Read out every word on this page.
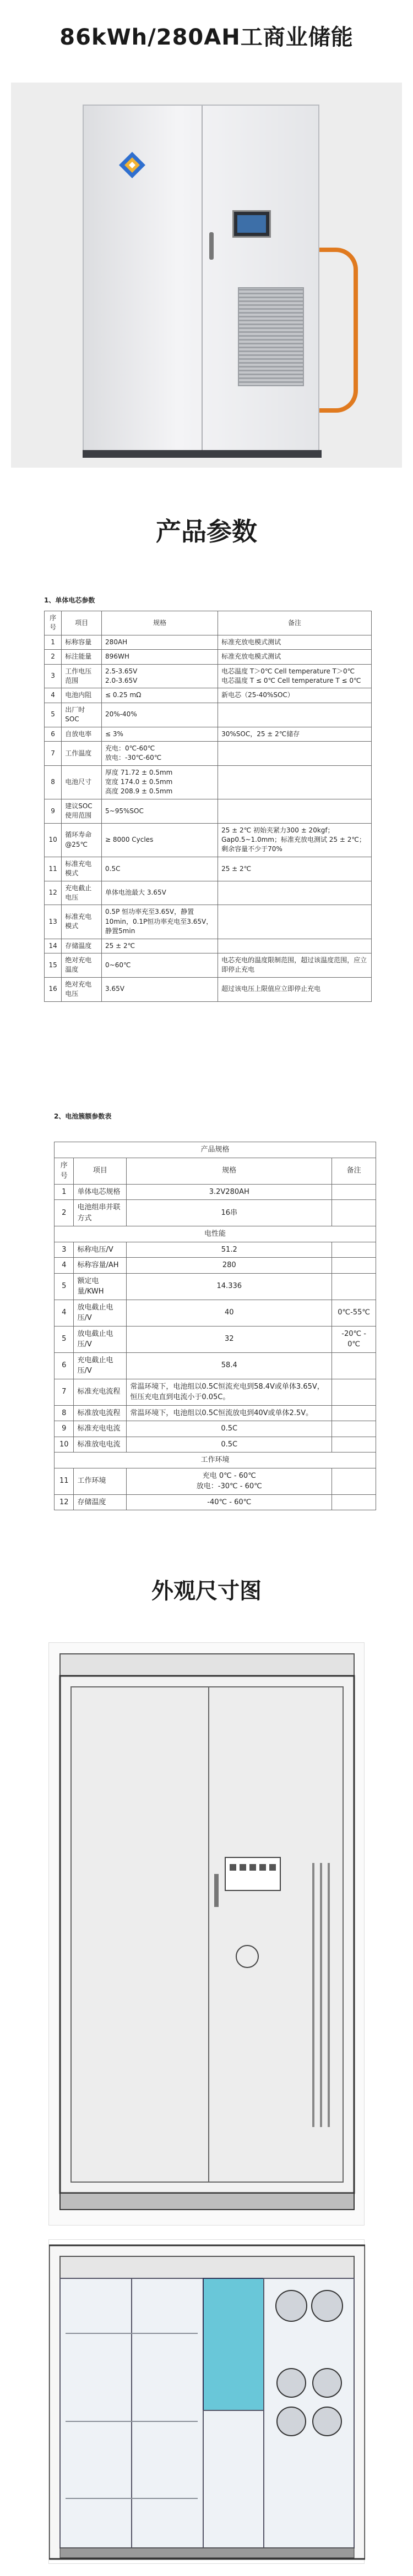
86kWh/280AH工商业储能
产品参数
1、单体电芯参数
序号	项目	规格	备注
1	标称容量	280AH	标准充放电模式测试
2	标注能量	896WH	标准充放电模式测试
3	工作电压范围	2.5-3.65V
2.0-3.65V	电芯温度 T＞0℃ Cell temperature T＞0℃
电芯温度 T ≤ 0℃ Cell temperature T ≤ 0℃
4	电池内阻	≤ 0.25 mΩ	新电芯（25-40%SOC）
5	出厂时SOC	20%-40%	
6	自放电率	≤ 3%	30%SOC，25 ± 2℃储存
7	工作温度	充电：0℃-60℃
放电：-30℃-60℃	
8	电池尺寸	厚度 71.72 ± 0.5mm
宽度 174.0 ± 0.5mm
高度 208.9 ± 0.5mm	
9	建议SOC使用范围	5~95%SOC	
10	循环寿命@25℃	≥ 8000 Cycles	25 ± 2℃ 初始夹紧力300 ± 20kgf；Gap0.5~1.0mm；标准充放电测试 25 ± 2℃；剩余容量不少于70%
11	标准充电模式	0.5C	25 ± 2℃
12	充电截止电压	单体电池最大 3.65V	
13	标准充电模式	0.5P 恒功率充至3.65V，静置10min，0.1P恒功率充电至3.65V，静置5min	
14	存储温度	25 ± 2℃	
15	绝对充电温度	0~60℃	电芯充电的温度限制范围，超过该温度范围，应立即停止充电
16	绝对充电电压	3.65V	超过该电压上限值应立即停止充电
2、电池簇额参数表
产品规格			
序号	项目	规格	备注
1	单体电芯规格	3.2V280AH	
2	电池组串并联方式	16串	
电性能			
3	标称电压/V	51.2	
4	标称容量/AH	280	
5	额定电量/KWH	14.336	
4	放电截止电压/V	40	0℃-55℃
5	放电截止电压/V	32	-20℃ - 0℃
6	充电截止电压/V	58.4	
7	标准充电流程	常温环境下，电池组以0.5C恒流充电到58.4V或单体3.65V，恒压充电直到电流小于0.05C。	
8	标准放电流程	常温环境下，电池组以0.5C恒流放电到40V或单体2.5V。	
9	标准充电电流	0.5C	
10	标准放电电流	0.5C	
工作环境			
11	工作环境	充电 0℃ - 60℃
放电：-30℃ - 60℃	
12	存储温度	-40℃ - 60℃	
外观尺寸图
